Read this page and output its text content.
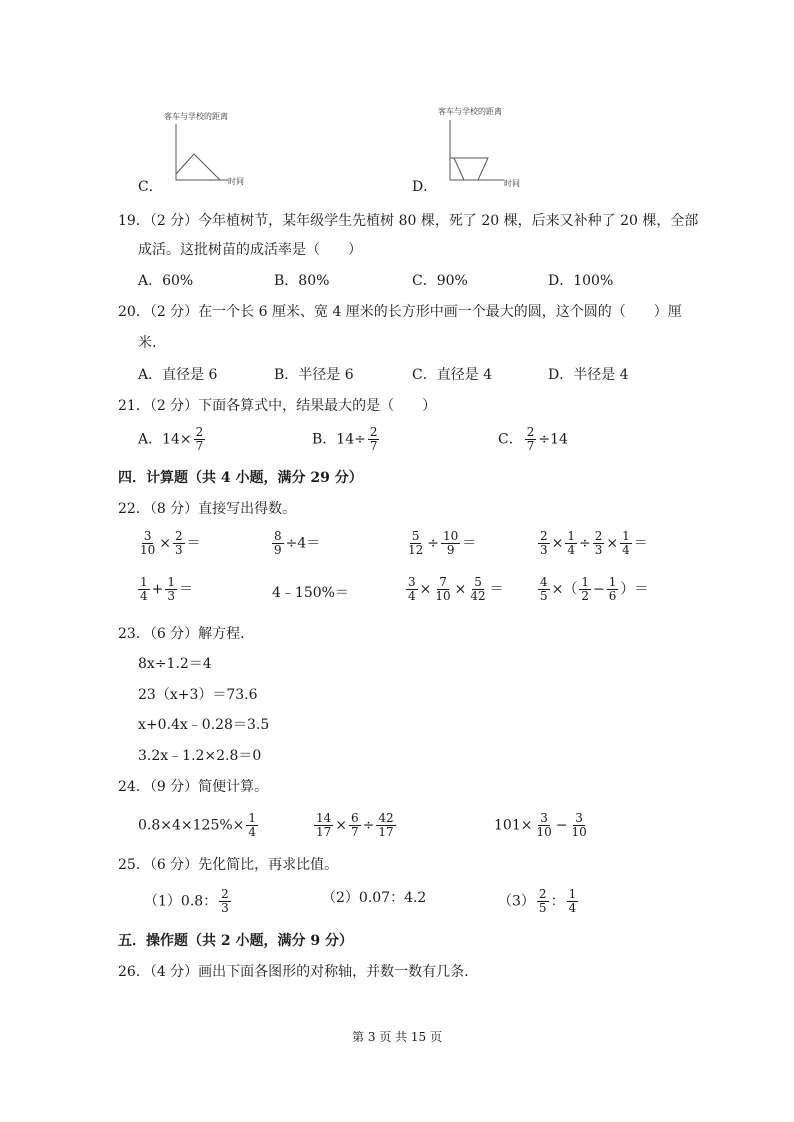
C．
客车与学校的距离
时间	D．
客车与学校的距离
时间
19．（2 分）今年植树节，某年级学生先植树 80 棵，死了 20 棵，后来又补种了 20 棵，全部
成活。这批树苗的成活率是（　　）
A．60%	B．80%	C．90%	D．100%
20．（2 分）在一个长 6 厘米、宽 4 厘米的长方形中画一个最大的圆，这个圆的（　　）厘
米.
A．直径是 6	B．半径是 6	C．直径是 4	D．半径是 4
21．（2 分）下面各算式中，结果最大的是（　　）
A．$14\times \frac{2}{7}$	B．$14\div \frac{2}{7}$	C． $\frac{2}{7} \div 14$
四．计算题（共 4 小题，满分 29 分）
22．（8 分）直接写出得数。
$\frac{3}{10} \times \frac{2}{3}$ ＝	$\frac{8}{9} \div 4=$	$\frac{5}{12} \div \frac{10}{9}$ ＝	$\frac{2}{3} \times \frac{1}{4} \div \frac{2}{3} \times \frac{1}{4}$ ＝
$\frac{1}{4} + \frac{1}{3}$ ＝	4﹣150%＝	$\frac{3}{4} \times \frac{7}{10} \times \frac{5}{42}$ ＝	$\frac{4}{5}$ ×（ $\frac{1}{2} - \frac{1}{6}$ ）＝
23．（6 分）解方程.
8x÷1.2＝4
23（x+3）＝73.6
x+0.4x﹣0.28＝3.5
3.2x﹣1.2×2.8＝0
24．（9 分）简便计算。
$0.8\times 4\times 125\%\times \frac{1}{4}$	$\frac{14}{17} \times \frac{6}{7} \div \frac{42}{17}$	$101\times \frac{3}{10} - \frac{3}{10}$
25．（6 分）先化简比，再求比值。
（1）0.8： $\frac{2}{3}$	（2）0.07：4.2	$(3) \frac{2}{5}$ ： $\frac{1}{4}$
五．操作题（共 2 小题，满分 9 分）
26．（4 分）画出下面各图形的对称轴，并数一数有几条.
第 3 页 共 15 页
